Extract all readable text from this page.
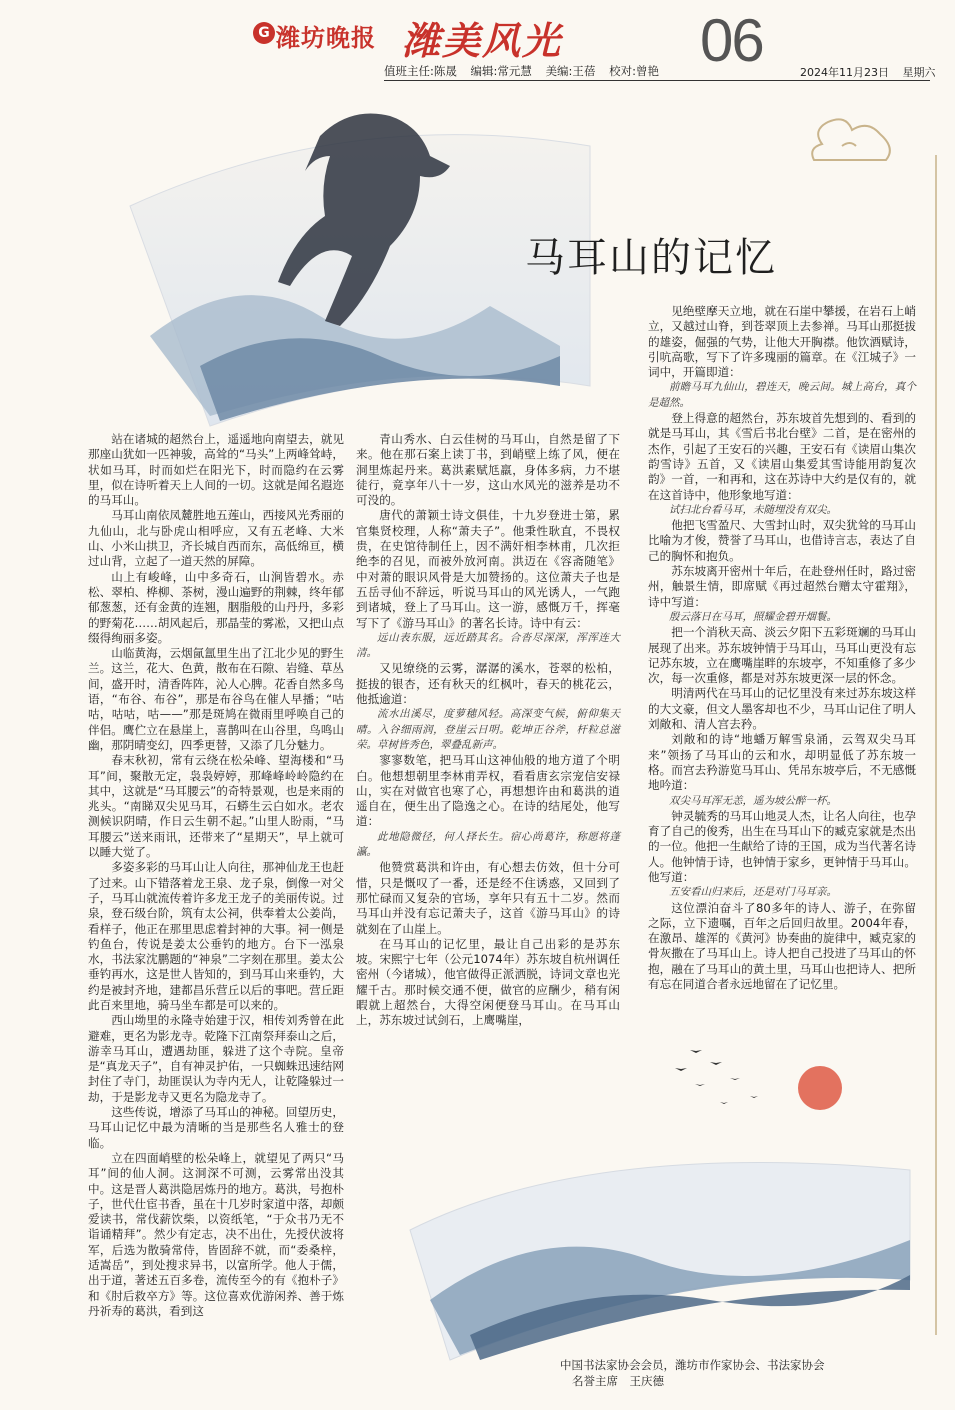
G 潍坊晚报 潍美风光 06
值班主任:陈晟 编辑:常元慧 美编:王蓓 校对:曾艳	2024年11月23日 星期六
马耳山的记忆

站在诸城的超然台上，遥遥地向南望去，就见那座山犹如一匹神骏，高耸的“马头”上两峰耸峙，状如马耳，时而如烂在阳光下，时而隐约在云雾里，似在诗听着天上人间的一切。这就是闻名遐迩的马耳山。

马耳山南依凤麓胜地五莲山，西接风光秀丽的九仙山，北与卧虎山相呼应，又有五老峰、大米山、小米山拱卫，齐长城自西而东，高低绵亘，横过山背，立起了一道天然的屏障。

山上有峻峰，山中多奇石，山涧皆碧水。赤松、翠柏、桦柳、茶树，漫山遍野的荆棘，终年郁郁葱葱，还有金黄的连翘，胭脂般的山丹丹，多彩的野菊花……胡风起后，那晶莹的雾凇，又把山点缀得绚丽多姿。

山临黄海，云烟氤氲里生出了江北少见的野生兰。这兰，花大、色黄，散布在石隙、岩缝、草丛间，盛开时，清香阵阵，沁人心脾。花香自然多鸟语，“布谷、布谷”，那是布谷鸟在催人早播；“咕咕，咕咕，咕——”那是斑鸠在微雨里呼唤自己的伴侣。鹰伫立在悬崖上，喜鹊叫在山谷里，鸟鸣山幽，那阴晴变幻，四季更替，又添了几分魅力。

春末秋初，常有云绕在松朵峰、望海楼和“马耳”间，聚散无定，袅袅婷婷，那峰峰岭岭隐约在其中，这就是“马耳腰云”的奇特景观，也是来雨的兆头。“南睇双尖见马耳，石蟒生云白如水。老农测候识阴晴，作日云生朝不起。”山里人盼雨，“马耳腰云”送来雨讯，还带来了“星期天”，早上就可以睡大觉了。

多姿多彩的马耳山让人向往，那神仙龙王也赶了过来。山下错落着龙王泉、龙子泉，倒像一对父子，马耳山就流传着许多龙王龙子的美丽传说。过泉，登石级台阶，筑有太公祠，供奉着太公姜尚，看样子，他正在那里思虑着封神的大事。祠一侧是钓鱼台，传说是姜太公垂钓的地方。台下一泓泉水，书法家沈鹏题的“神泉”二字刻在那里。姜太公垂钓再水，这是世人皆知的，到马耳山来垂钓，大约是被封齐地，建都昌乐营丘以后的事吧。营丘距此百来里地，骑马坐车都是可以来的。

西山坳里的永隆寺始建于汉，相传刘秀曾在此避难，更名为影龙寺。乾隆下江南祭拜泰山之后，游幸马耳山，遭遇劫匪，躲进了这个寺院。皇帝是“真龙天子”，自有神灵护佑，一只蜘蛛迅速结网封住了寺门，劫匪误认为寺内无人，让乾隆躲过一劫，于是影龙寺又更名为隐龙寺了。

这些传说，增添了马耳山的神秘。回望历史，马耳山记忆中最为清晰的当是那些名人雅士的登临。

立在四面峭壁的松朵峰上，就望见了两只“马耳”间的仙人洞。这洞深不可测，云雾常出没其中。这是晋人葛洪隐居炼丹的地方。葛洪，号抱朴子，世代仕宦书香，虽在十几岁时家道中落，却颇爱读书，常伐薪饮柴，以资纸笔，“于众书乃无不诣诵精拜”。然少有定志，决不出仕，先授伏波将军，后选为散骑常侍，皆固辞不就，而“委桑梓，适嵩岳”，到处搜求异书，以富所学。他人于儒，出于道，著述五百多卷，流传至今的有《抱朴子》和《肘后救卒方》等。这位喜欢优游闲养、善于炼丹祈寿的葛洪，看到这

青山秀水、白云佳树的马耳山，自然是留了下来。他在那石案上读丁书，到峭壁上练了风，便在洞里炼起丹来。葛洪素赋尪羸，身体多病，力不堪徒行，竟享年八十一岁，这山水风光的滋养是功不可没的。

唐代的萧颖士诗文俱佳，十九岁登进士第，累官集贤校理，人称“萧夫子”。他秉性耿直，不畏权贵，在史馆待制任上，因不满奸相李林甫，几次拒绝李的召见，而被外放河南。洪迈在《容斋随笔》中对萧的眼识风骨是大加赞扬的。这位萧夫子也是五岳寻仙不辞远，听说马耳山的风光诱人，一气跑到诸城，登上了马耳山。这一游，感慨万千，挥毫写下了《游马耳山》的著名长诗。诗中有云：

远山表东服，远近踏其名。合沓尽深深，浑浑连大清。

又见缭绕的云雾，潺潺的溪水，苍翠的松柏，挺拔的银杏，还有秋天的红枫叶，春天的桃花云，他抵逾道：

流水出溪尽，度萝穗风轻。高深变气候，俯仰集天晴。入谷细雨润，登崖云日明。乾坤正谷斧，杆粒总滋荣。草树皆秀色，翠叠乱新声。

寥寥数笔，把马耳山这神仙般的地方道了个明白。他想想朝里李林甫弄权，看看唐玄宗宠信安禄山，实在对做官也寒了心，再想想许由和葛洪的逍遥自在，便生出了隐逸之心。在诗的结尾处，他写道：

此地隐微径，何人择长生。宿心尚葛许，称愿将蓬瀛。

他赞赏葛洪和许由，有心想去仿效，但十分可惜，只是慨叹了一番，还是经不住诱惑，又回到了那忙碌而又复杂的官场，享年只有五十二岁。然而马耳山并没有忘记萧夫子，这首《游马耳山》的诗就刻在了山崖上。

在马耳山的记忆里，最让自己出彩的是苏东坡。宋熙宁七年（公元1074年）苏东坡自杭州调任密州（今诸城），他官做得正派洒脱，诗词文章也光耀千古。那时候交通不便，做官的应酬少，稍有闲暇就上超然台，大得空闲便登马耳山。在马耳山上，苏东坡过试剑石，上鹰嘴崖，

见绝壁摩天立地，就在石崖中攀援，在岩石上峭立，又越过山脊，到苍翠顶上去参禅。马耳山那挺拔的雄姿，倔强的气势，让他大开胸襟。他饮酒赋诗，引吭高歌，写下了许多瑰丽的篇章。在《江城子》一词中，开篇即道：

前瞻马耳九仙山，碧连天，晚云间。城上高台，真个是超然。

登上得意的超然台，苏东坡首先想到的、看到的就是马耳山，其《雪后书北台壁》二首，是在密州的杰作，引起了王安石的兴趣，王安石有《读眉山集次韵雪诗》五首，又《读眉山集爱其雪诗能用韵复次韵》一首，一和再和，这在苏诗中大约是仅有的，就在这首诗中，他形象地写道：

试扫北台看马耳，未随埋没有双尖。

他把飞雪盈尺、大雪封山时，双尖犹耸的马耳山比喻为才俊，赞誉了马耳山，也借诗言志，表达了自己的胸怀和抱负。

苏东坡离开密州十年后，在赴登州任时，路过密州，触景生情，即席赋《再过超然台赠太守霍翔》，诗中写道：

殷云落日在马耳，照耀金碧开烟鬟。

把一个消秋天高、淡云夕阳下五彩斑斓的马耳山展现了出来。苏东坡钟情于马耳山，马耳山更没有忘记苏东坡，立在鹰嘴崖畔的东坡亭，不知重修了多少次，每一次重修，都是对苏东坡更深一层的怀念。

明清两代在马耳山的记忆里没有来过苏东坡这样的大文豪，但文人墨客却也不少，马耳山记住了明人刘敞和、清人宫去矜。

刘敞和的诗“地蟠万解雪泉涌，云驾双尖马耳来”领扬了马耳山的云和水，却明显低了苏东坡一格。而宫去矜游览马耳山、凭吊东坡亭后，不无感慨地吟道：

双尖马耳浑无恙，遥为坡公醉一杯。

钟灵毓秀的马耳山地灵人杰，让名人向往，也孕育了自己的俊秀，出生在马耳山下的臧克家就是杰出的一位。他把一生献给了诗的王国，成为当代著名诗人。他钟情于诗，也钟情于家乡，更钟情于马耳山。他写道：

五安看山归来后，还是对门马耳亲。

这位漂泊奋斗了80多年的诗人、游子，在弥留之际，立下遗嘱，百年之后回归故里。2004年春，在激昂、雄浑的《黄河》协奏曲的旋律中，臧克家的骨灰撒在了马耳山上。诗人把自己投进了马耳山的怀抱，融在了马耳山的黄土里，马耳山也把诗人、把所有忘在同道合者永远地留在了记忆里。

中国书法家协会会员，潍坊市作家协会、书法家协会
名誉主席　王庆德
